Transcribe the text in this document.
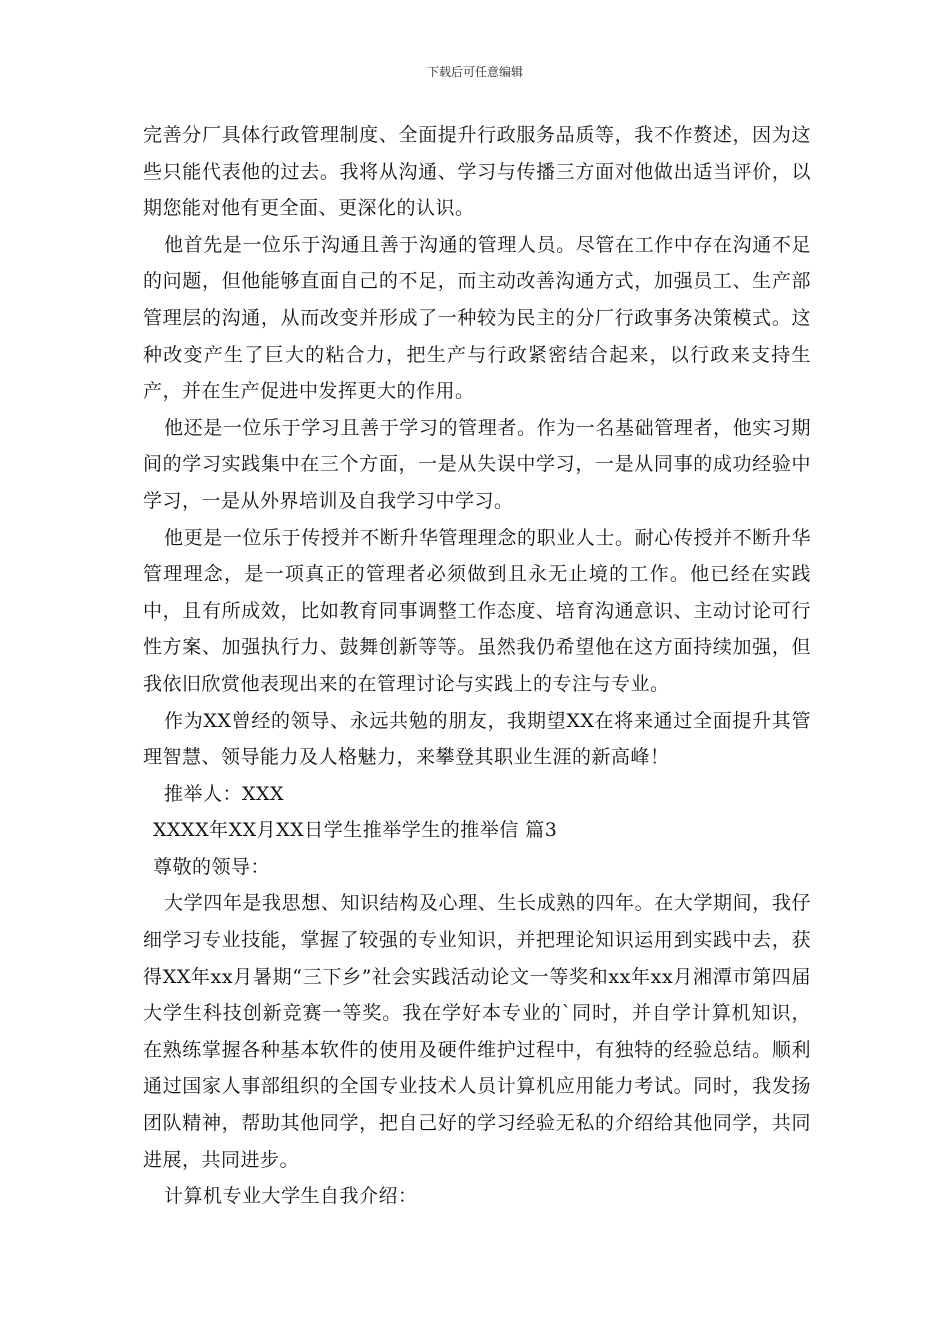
下载后可任意编辑

完善分厂具体行政管理制度、全面提升行政服务品质等，我不作赘述，因为这些只能代表他的过去。我将从沟通、学习与传播三方面对他做出适当评价，以期您能对他有更全面、更深化的认识。

他首先是一位乐于沟通且善于沟通的管理人员。尽管在工作中存在沟通不足的问题，但他能够直面自己的不足，而主动改善沟通方式，加强员工、生产部管理层的沟通，从而改变并形成了一种较为民主的分厂行政事务决策模式。这种改变产生了巨大的粘合力，把生产与行政紧密结合起来，以行政来支持生产，并在生产促进中发挥更大的作用。

他还是一位乐于学习且善于学习的管理者。作为一名基础管理者，他实习期间的学习实践集中在三个方面，一是从失误中学习，一是从同事的成功经验中学习，一是从外界培训及自我学习中学习。

他更是一位乐于传授并不断升华管理理念的职业人士。耐心传授并不断升华管理理念，是一项真正的管理者必须做到且永无止境的工作。他已经在实践中，且有所成效，比如教育同事调整工作态度、培育沟通意识、主动讨论可行性方案、加强执行力、鼓舞创新等等。虽然我仍希望他在这方面持续加强，但我依旧欣赏他表现出来的在管理讨论与实践上的专注与专业。

作为XX曾经的领导、永远共勉的朋友，我期望XX在将来通过全面提升其管理智慧、领导能力及人格魅力，来攀登其职业生涯的新高峰！

推举人：XXX

XXXX年XX月XX日学生推举学生的推举信 篇3

尊敬的领导：

大学四年是我思想、知识结构及心理、生长成熟的四年。在大学期间，我仔细学习专业技能，掌握了较强的专业知识，并把理论知识运用到实践中去，获得XX年xx月暑期“三下乡”社会实践活动论文一等奖和xx年xx月湘潭市第四届大学生科技创新竞赛一等奖。我在学好本专业的`同时，并自学计算机知识，在熟练掌握各种基本软件的使用及硬件维护过程中，有独特的经验总结。顺利通过国家人事部组织的全国专业技术人员计算机应用能力考试。同时，我发扬团队精神，帮助其他同学，把自己好的学习经验无私的介绍给其他同学，共同进展，共同进步。

计算机专业大学生自我介绍：
